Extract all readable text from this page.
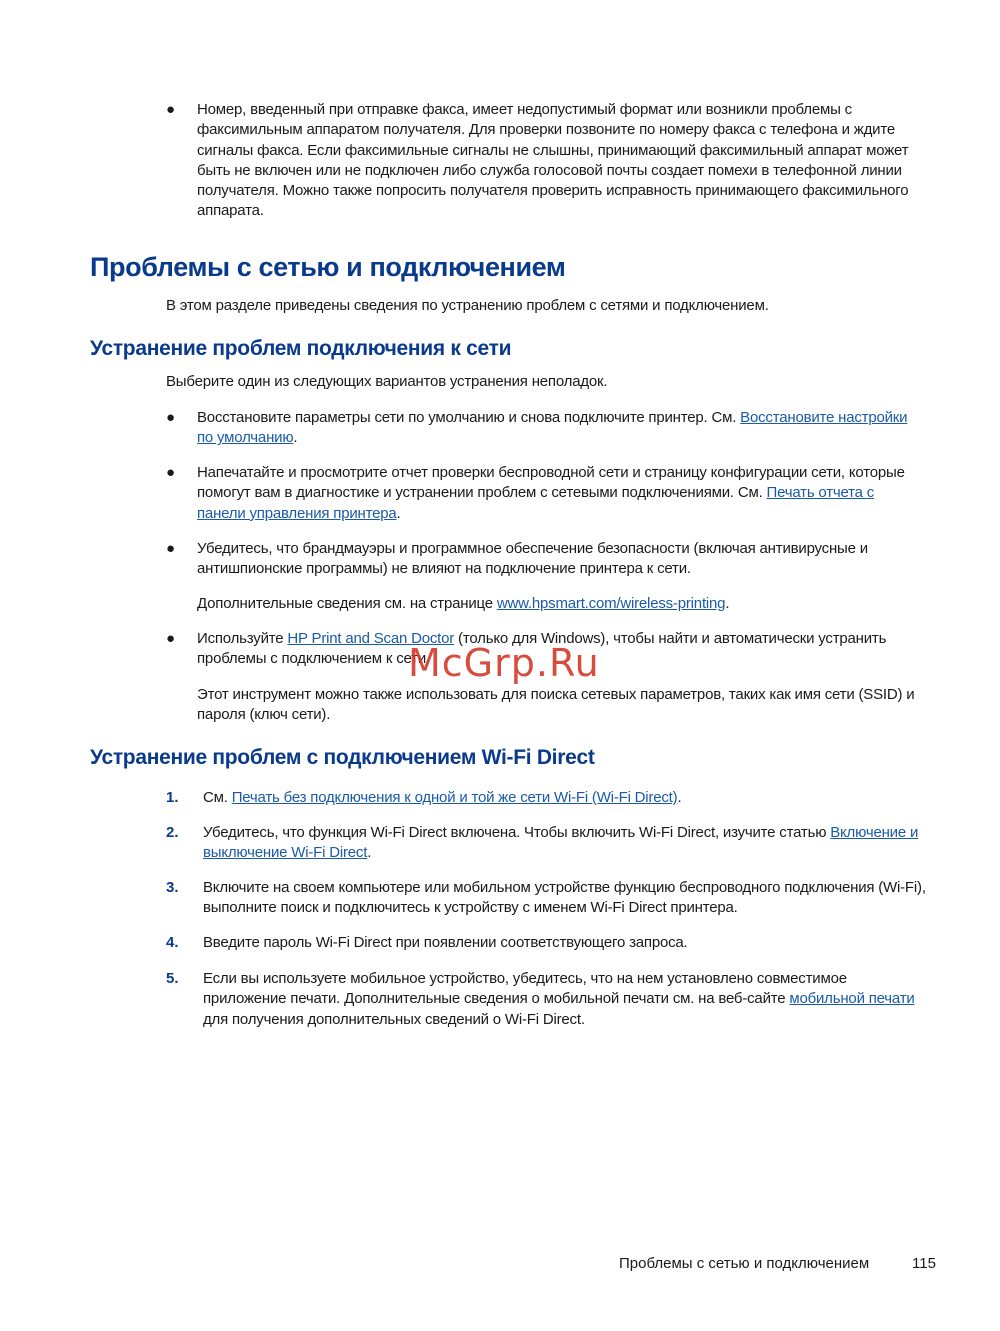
● Номер, введенный при отправке факса, имеет недопустимый формат или возникли проблемы с факсимильным аппаратом получателя. Для проверки позвоните по номеру факса с телефона и ждите сигналы факса. Если факсимильные сигналы не слышны, принимающий факсимильный аппарат может быть не включен или не подключен либо служба голосовой почты создает помехи в телефонной линии получателя. Можно также попросить получателя проверить исправность принимающего факсимильного аппарата.
Проблемы с сетью и подключением
В этом разделе приведены сведения по устранению проблем с сетями и подключением.
Устранение проблем подключения к сети
Выберите один из следующих вариантов устранения неполадок.
● Восстановите параметры сети по умолчанию и снова подключите принтер. См. Восстановите настройки по умолчанию.
● Напечатайте и просмотрите отчет проверки беспроводной сети и страницу конфигурации сети, которые помогут вам в диагностике и устранении проблем с сетевыми подключениями. См. Печать отчета с панели управления принтера.
● Убедитесь, что брандмауэры и программное обеспечение безопасности (включая антивирусные и антишпионские программы) не влияют на подключение принтера к сети.
Дополнительные сведения см. на странице www.hpsmart.com/wireless-printing.
● Используйте HP Print and Scan Doctor (только для Windows), чтобы найти и автоматически устранить проблемы с подключением к сети.
Этот инструмент можно также использовать для поиска сетевых параметров, таких как имя сети (SSID) и пароля (ключ сети).
Устранение проблем с подключением Wi-Fi Direct
1. См. Печать без подключения к одной и той же сети Wi-Fi (Wi-Fi Direct).
2. Убедитесь, что функция Wi-Fi Direct включена. Чтобы включить Wi-Fi Direct, изучите статью Включение и выключение Wi-Fi Direct.
3. Включите на своем компьютере или мобильном устройстве функцию беспроводного подключения (Wi-Fi), выполните поиск и подключитесь к устройству с именем Wi-Fi Direct принтера.
4. Введите пароль Wi-Fi Direct при появлении соответствующего запроса.
5. Если вы используете мобильное устройство, убедитесь, что на нем установлено совместимое приложение печати. Дополнительные сведения о мобильной печати см. на веб-сайте мобильной печати для получения дополнительных сведений о Wi-Fi Direct.
McGrp.Ru
Проблемы с сетью и подключением	115
